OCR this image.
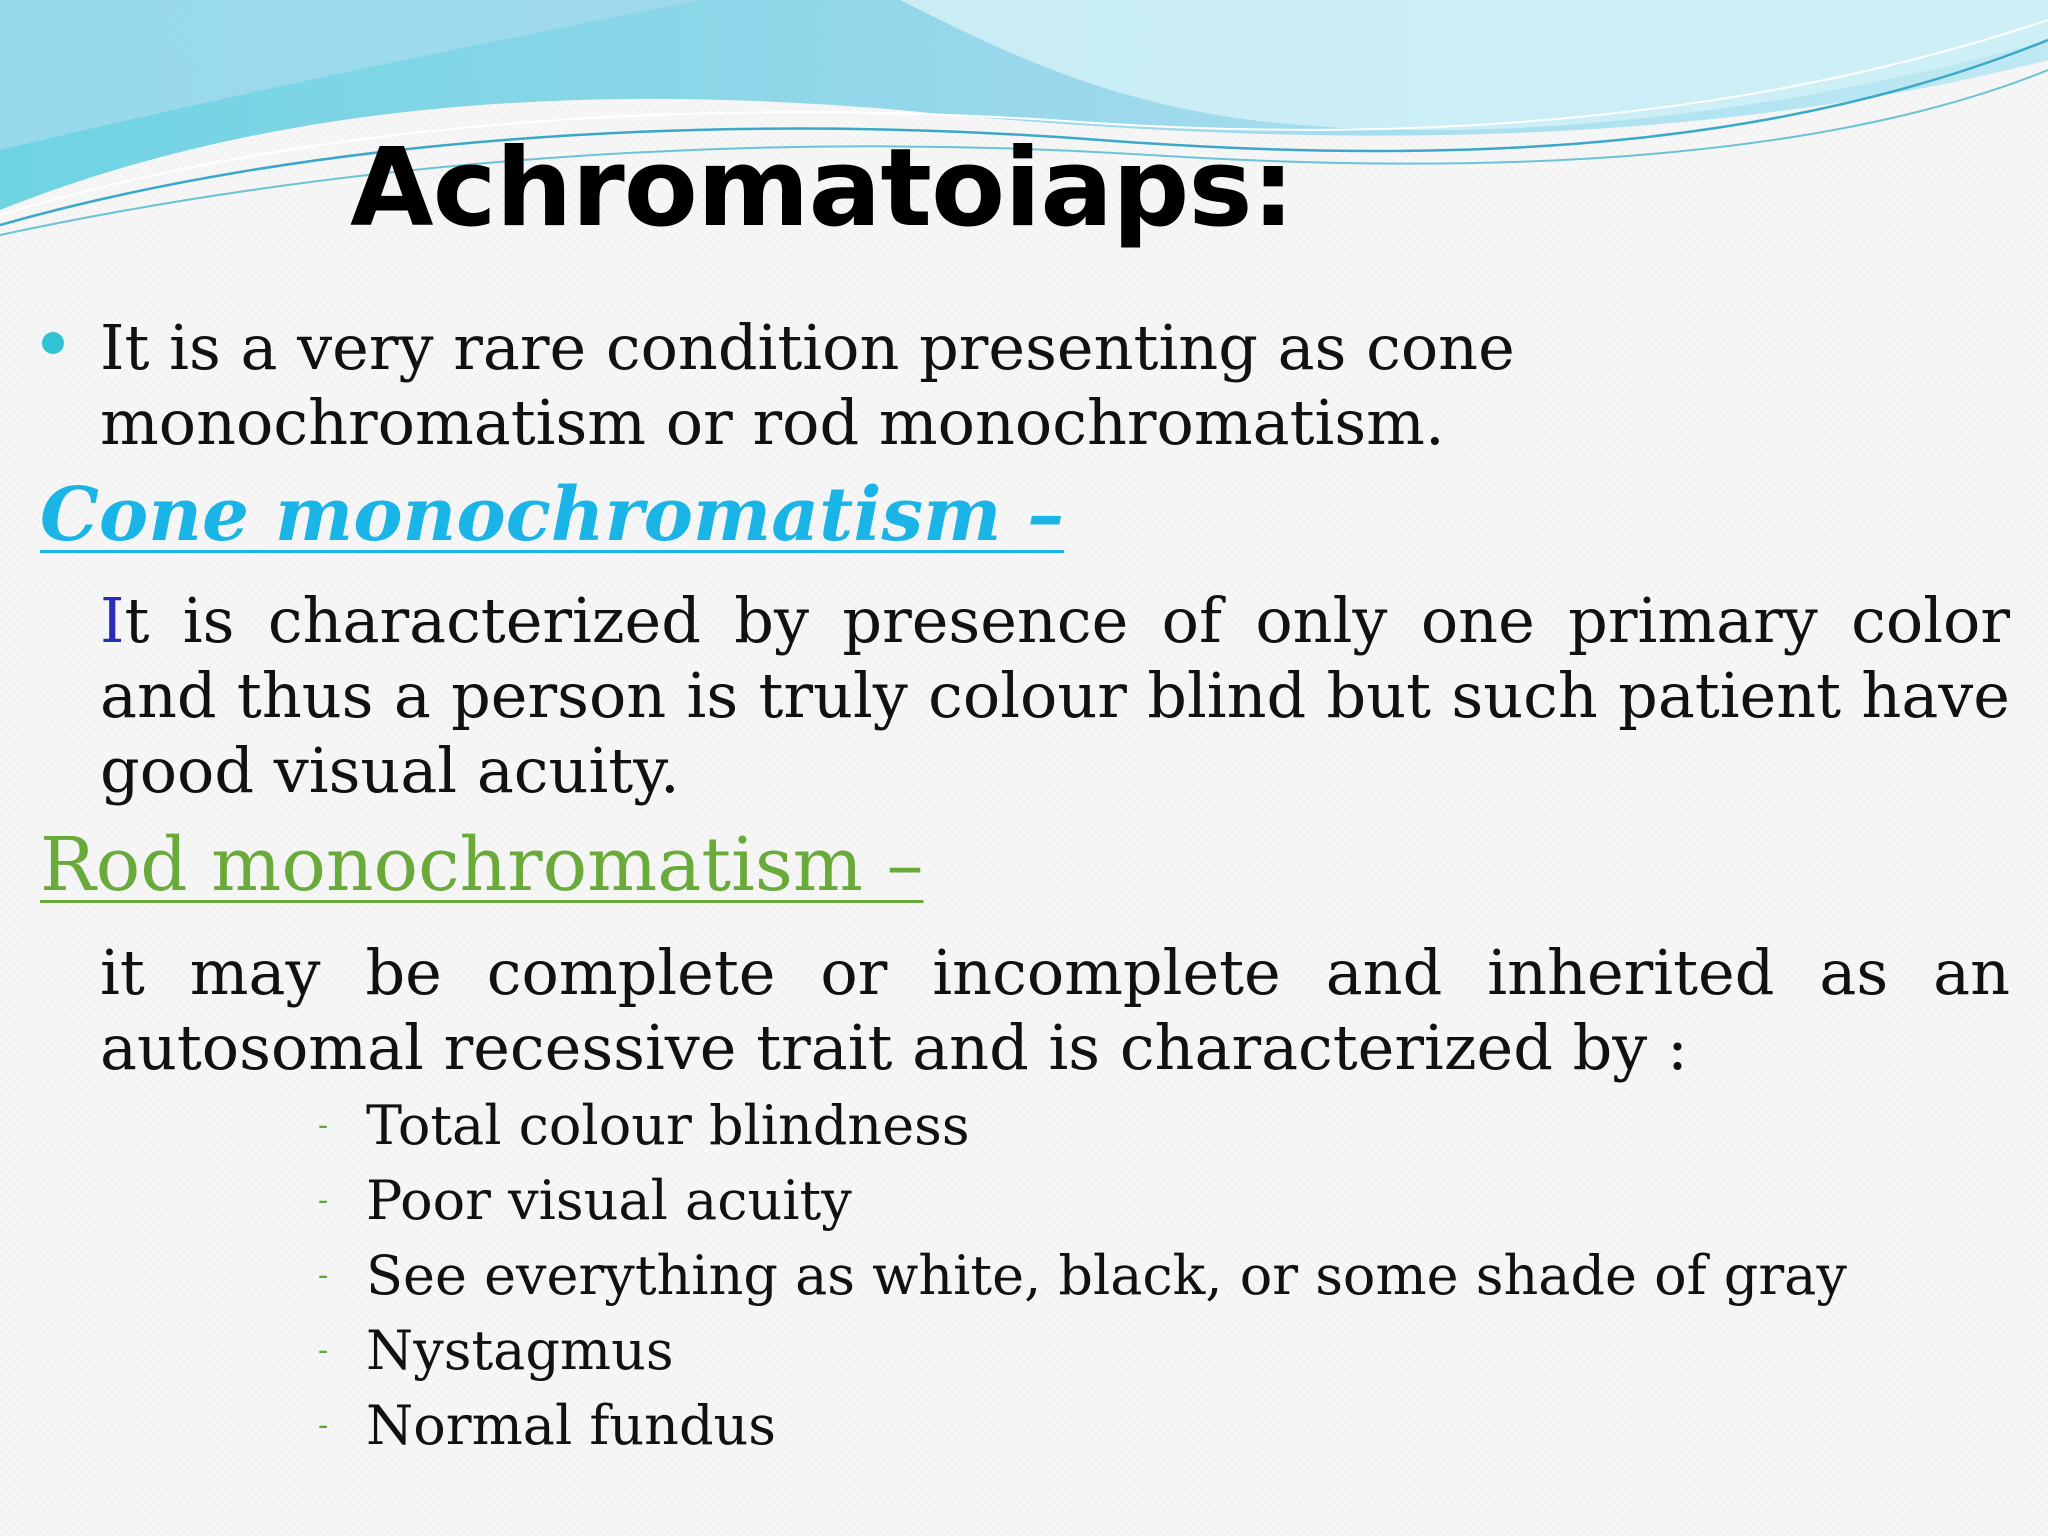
Achromatoiaps:

It is a very rare condition presenting as cone monochromatism or rod monochromatism.

Cone monochromatism –

It is characterized by presence of only one primary color and thus a person is truly colour blind but such patient have good visual acuity.

Rod monochromatism –

it may be complete or incomplete and inherited as an autosomal recessive trait and is characterized by :

- Total colour blindness
- Poor visual acuity
- See everything as white, black, or some shade of gray
- Nystagmus
- Normal fundus
